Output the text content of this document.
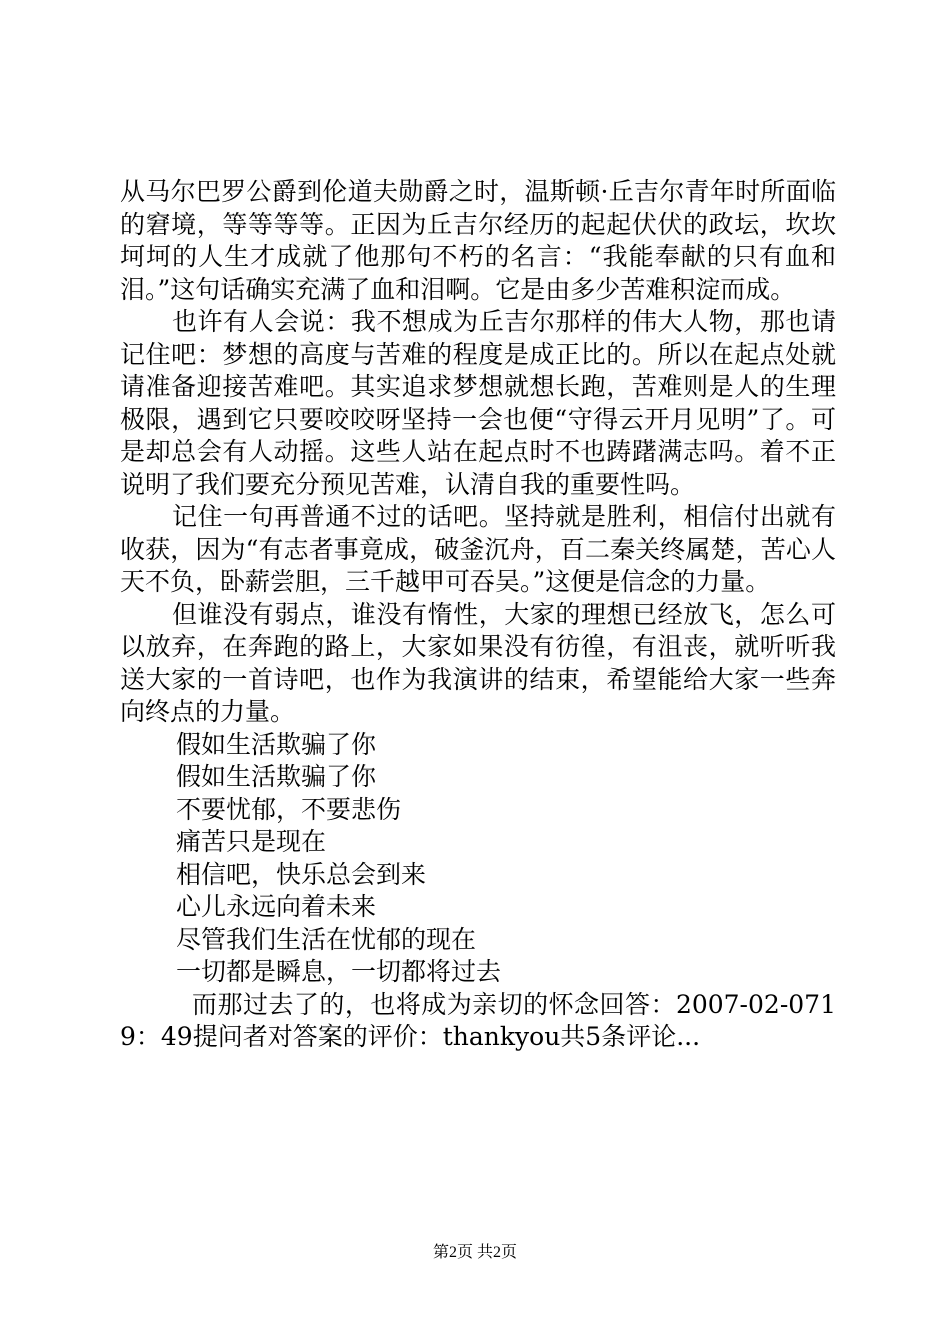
从马尔巴罗公爵到伦道夫勋爵之时，温斯顿·丘吉尔青年时所面临的窘境，等等等等。正因为丘吉尔经历的起起伏伏的政坛，坎坎坷坷的人生才成就了他那句不朽的名言：“我能奉献的只有血和泪。”这句话确实充满了血和泪啊。它是由多少苦难积淀而成。

也许有人会说：我不想成为丘吉尔那样的伟大人物，那也请记住吧：梦想的高度与苦难的程度是成正比的。所以在起点处就请准备迎接苦难吧。其实追求梦想就想长跑，苦难则是人的生理极限，遇到它只要咬咬呀坚持一会也便“守得云开月见明”了。可是却总会有人动摇。这些人站在起点时不也踌躇满志吗。着不正说明了我们要充分预见苦难，认清自我的重要性吗。

记住一句再普通不过的话吧。坚持就是胜利，相信付出就有收获，因为“有志者事竟成，破釜沉舟，百二秦关终属楚，苦心人天不负，卧薪尝胆，三千越甲可吞吴。”这便是信念的力量。

但谁没有弱点，谁没有惰性，大家的理想已经放飞，怎么可以放弃，在奔跑的路上，大家如果没有彷徨，有沮丧，就听听我送大家的一首诗吧，也作为我演讲的结束，希望能给大家一些奔向终点的力量。

假如生活欺骗了你

假如生活欺骗了你

不要忧郁，不要悲伤

痛苦只是现在

相信吧，快乐总会到来

心儿永远向着未来

尽管我们生活在忧郁的现在

一切都是瞬息，一切都将过去

而那过去了的，也将成为亲切的怀念回答：2007-02-0719：49提问者对答案的评价：thankyou共5条评论...

第2页 共2页
